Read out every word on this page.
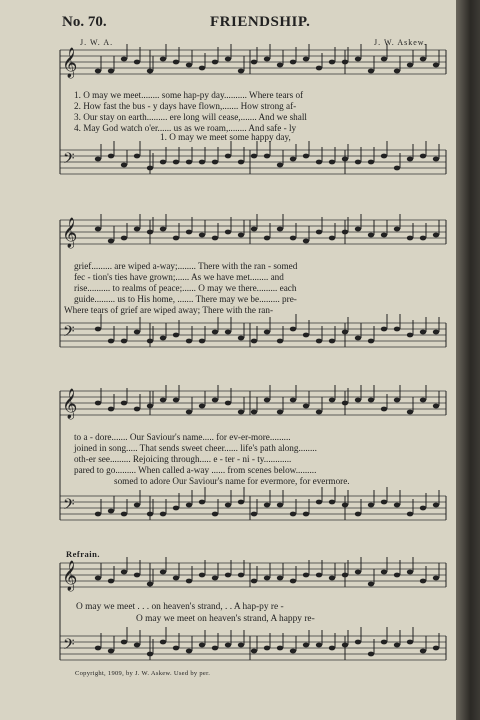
No. 70.	FRIENDSHIP.
J. W. A.	J. W. Askew.
𝄞
𝄢
𝄞
𝄢
𝄞
𝄢
𝄞
𝄢
1. O may we meet........ some hap-py day.......... Where tears of
2. How fast the bus - y days have flown,....... How strong af-
3. Our stay on earth......... ere long will cease,....... And we shall
4. May God watch o'er...... us as we roam,........ And safe - ly
1. O may we meet some happy day,
grief......... are wiped a-way;........ There with the ran - somed
fec - tion's ties have grown;...... As we have met........ and
rise.......... to realms of peace;...... O may we there......... each
guide......... us to His home, ....... There may we be......... pre-
Where tears of grief are wiped away; There with the ran-
to a - dore....... Our Saviour's name..... for ev-er-more.........
joined in song..... That sends sweet cheer...... life's path along........
oth-er see......... Rejoicing through..... e - ter - ni - ty............
pared to go......... When called a-way ...... from scenes below.........
somed to adore Our Saviour's name for evermore, for evermore.
Refrain.
O may we meet . . . on heaven's strand, . . A hap-py re -
O may we meet on heaven's strand, A happy re-
Copyright, 1909, by J. W. Askew. Used by per.
